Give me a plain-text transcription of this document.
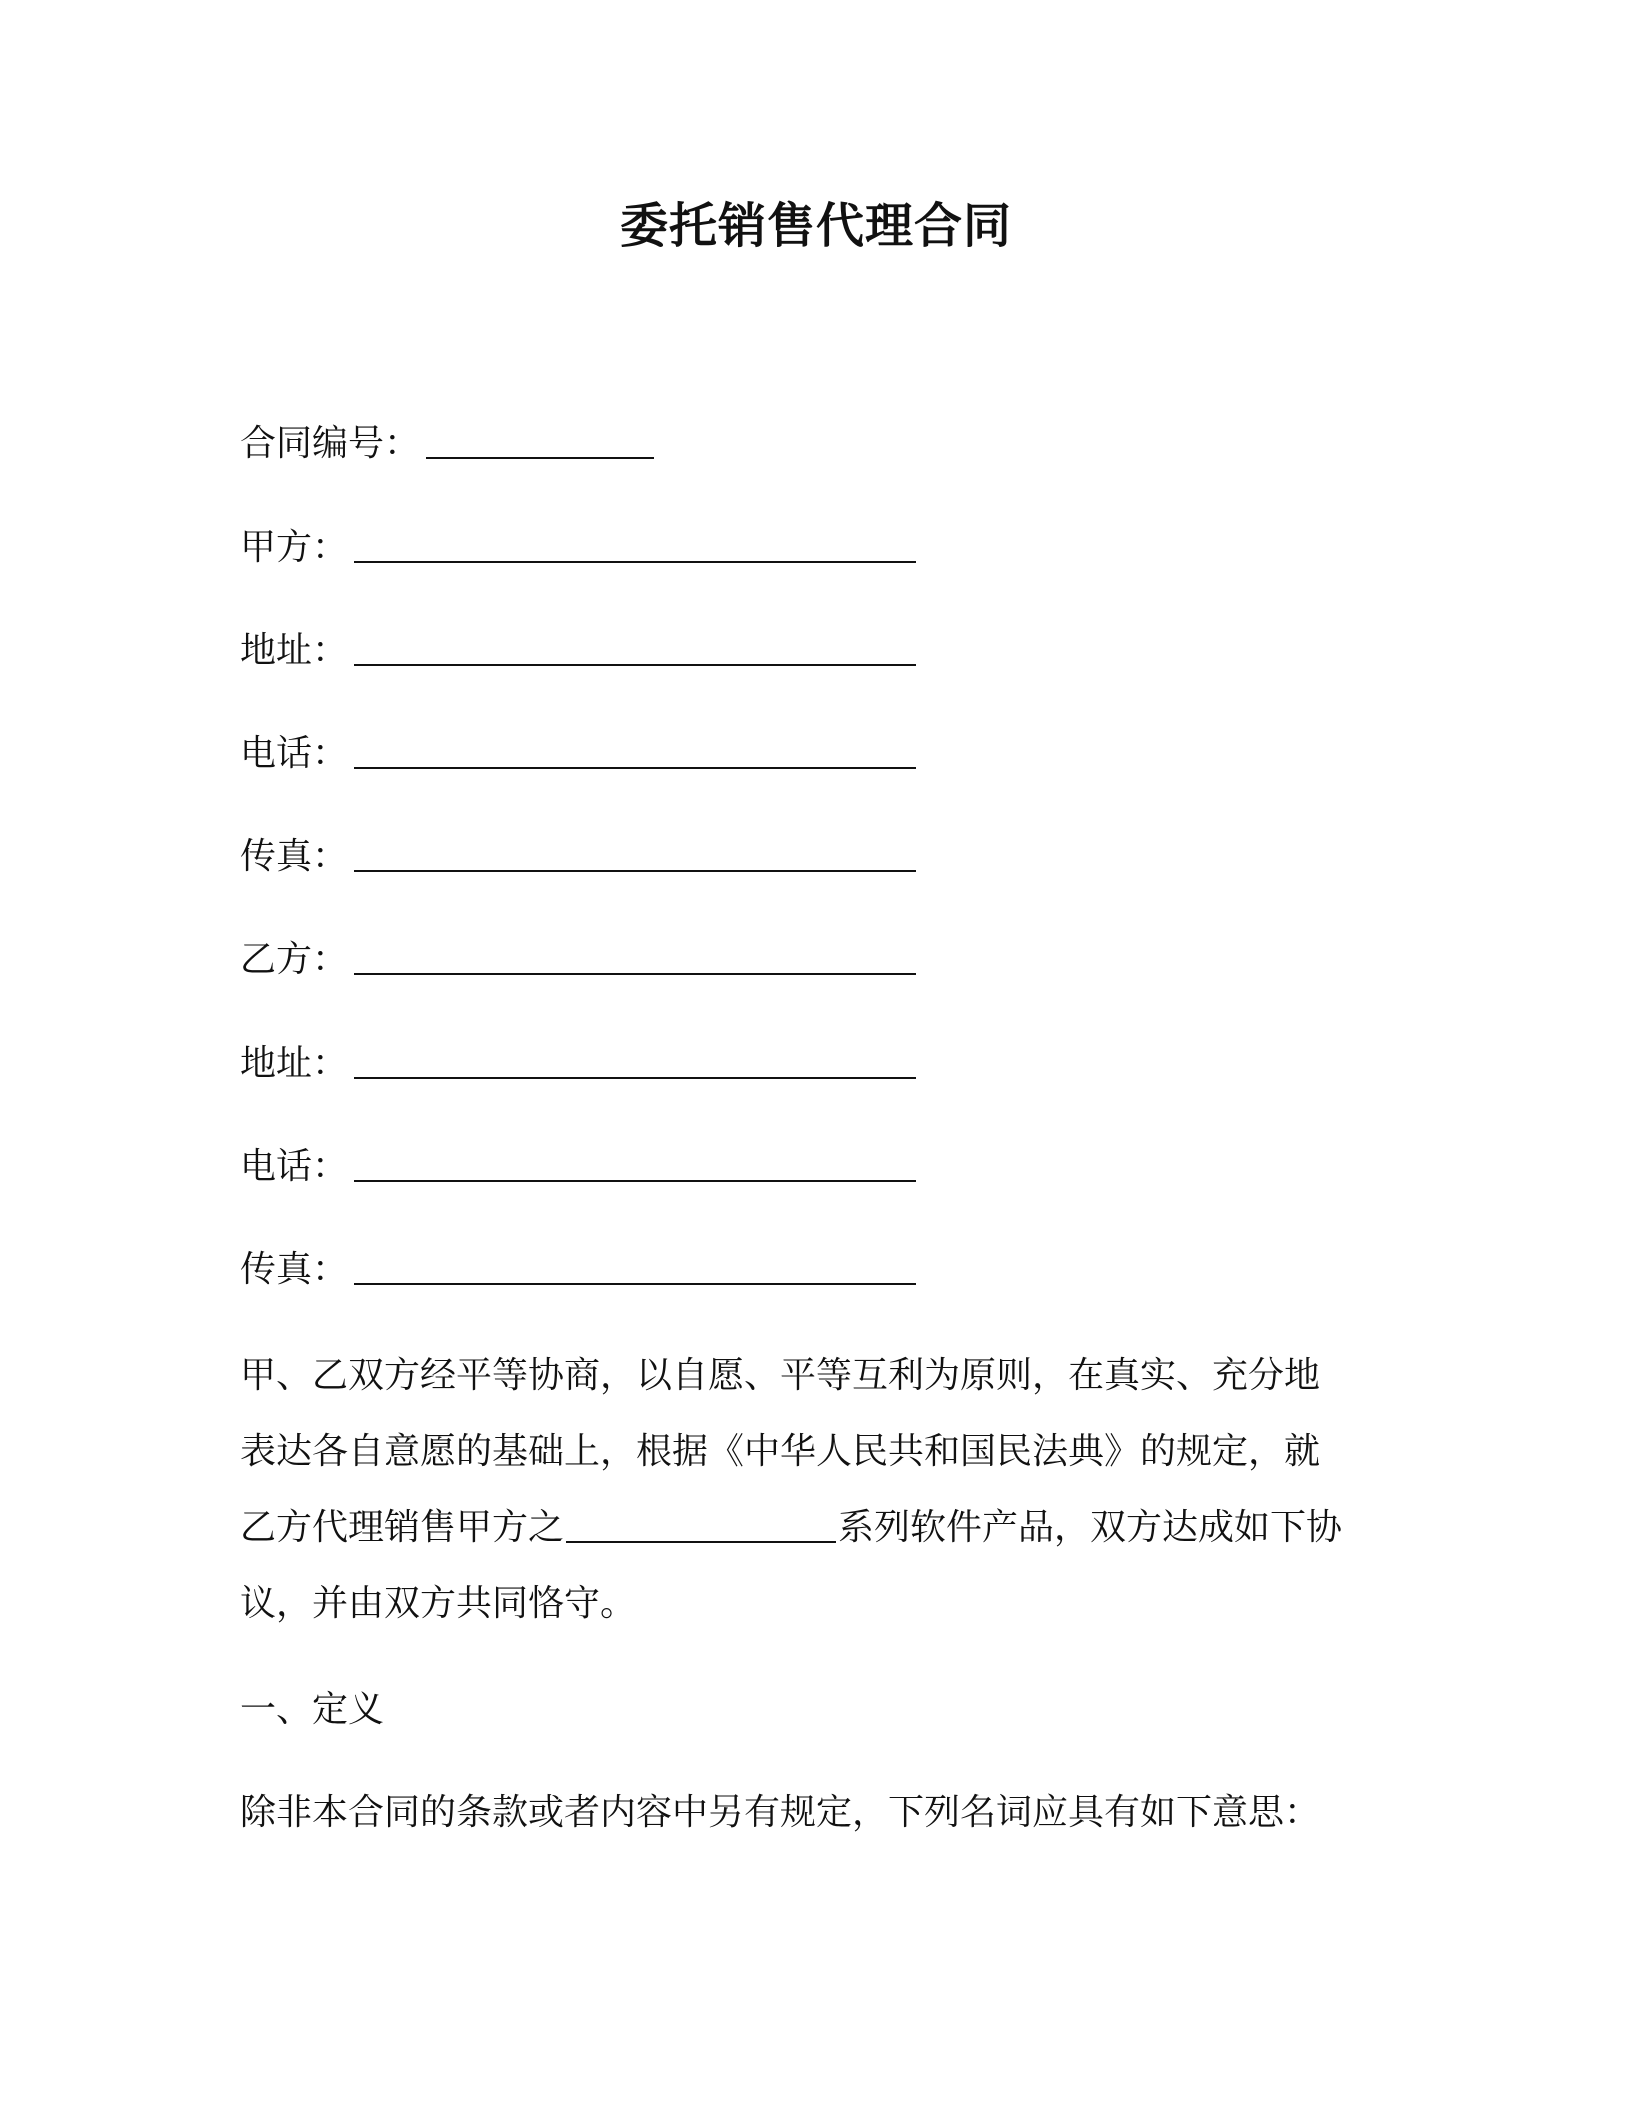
委托销售代理合同
合同编号：
甲方：
地址：
电话：
传真：
乙方：
地址：
电话：
传真：
甲、乙双方经平等协商，以自愿、平等互利为原则，在真实、充分地
表达各自意愿的基础上，根据《中华人民共和国民法典》的规定，就
乙方代理销售甲方之	系列软件产品，双方达成如下协
议，并由双方共同恪守。
一、定义
除非本合同的条款或者内容中另有规定，下列名词应具有如下意思：
